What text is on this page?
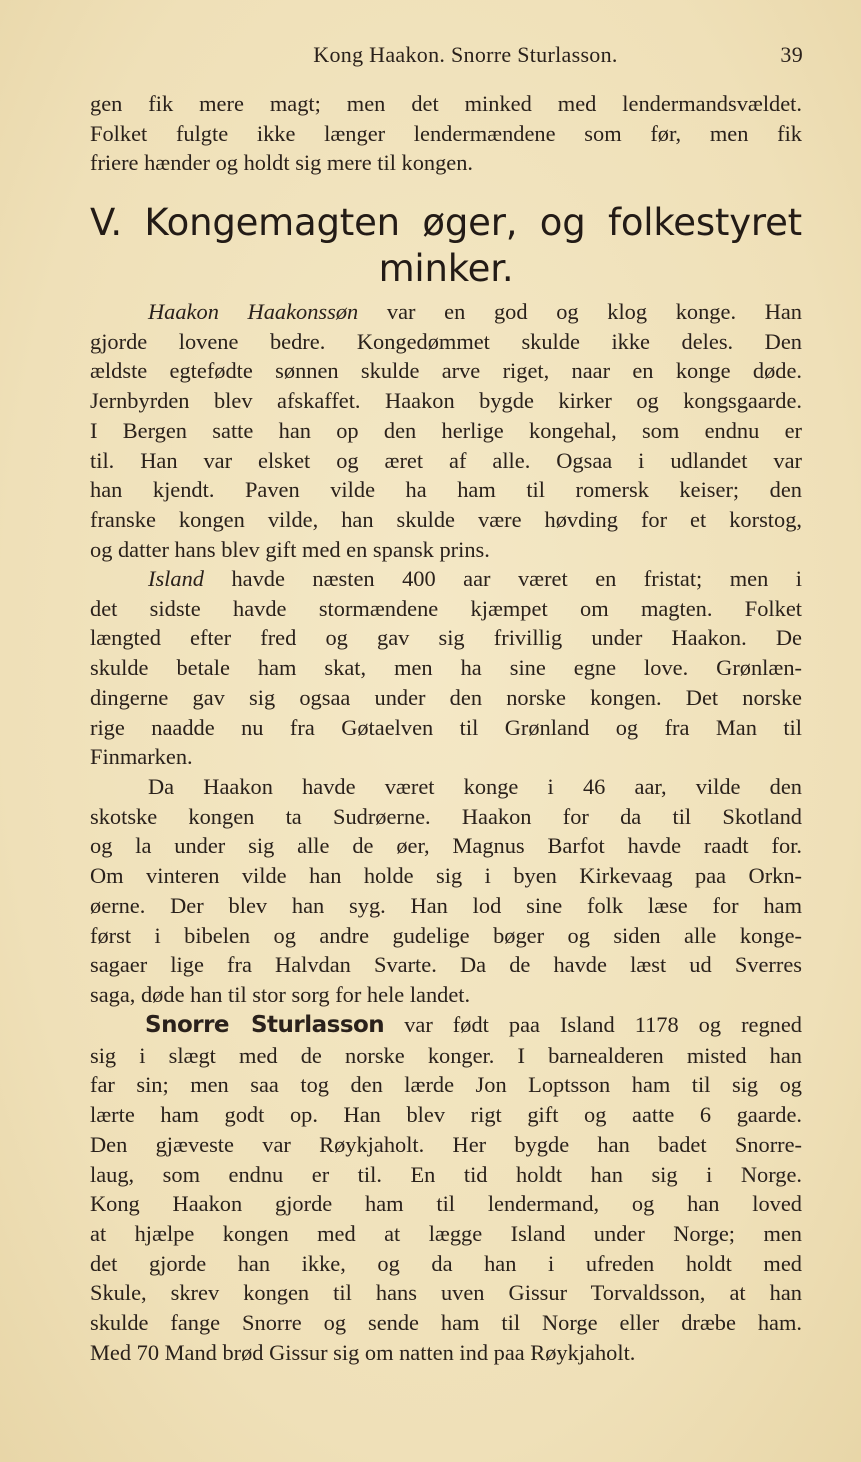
Kong Haakon. Snorre Sturlasson.	39
gen fik mere magt; men det minked med lendermandsvældet.
Folket fulgte ikke længer lendermændene som før, men fik
friere hænder og holdt sig mere til kongen.
V. Kongemagten øger, og folkestyret
minker.
Haakon Haakonssøn var en god og klog konge. Han
gjorde lovene bedre. Kongedømmet skulde ikke deles. Den
ældste egtefødte sønnen skulde arve riget, naar en konge døde.
Jernbyrden blev afskaffet. Haakon bygde kirker og kongsgaarde.
I Bergen satte han op den herlige kongehal, som endnu er
til. Han var elsket og æret af alle. Ogsaa i udlandet var
han kjendt. Paven vilde ha ham til romersk keiser; den
franske kongen vilde, han skulde være høvding for et korstog,
og datter hans blev gift med en spansk prins.
Island havde næsten 400 aar været en fristat; men i
det sidste havde stormændene kjæmpet om magten. Folket
længted efter fred og gav sig frivillig under Haakon. De
skulde betale ham skat, men ha sine egne love. Grønlæn-
dingerne gav sig ogsaa under den norske kongen. Det norske
rige naadde nu fra Gøtaelven til Grønland og fra Man til
Finmarken.
Da Haakon havde været konge i 46 aar, vilde den
skotske kongen ta Sudrøerne. Haakon for da til Skotland
og la under sig alle de øer, Magnus Barfot havde raadt for.
Om vinteren vilde han holde sig i byen Kirkevaag paa Orkn-
øerne. Der blev han syg. Han lod sine folk læse for ham
først i bibelen og andre gudelige bøger og siden alle konge-
sagaer lige fra Halvdan Svarte. Da de havde læst ud Sverres
saga, døde han til stor sorg for hele landet.
Snorre Sturlasson var født paa Island 1178 og regned
sig i slægt med de norske konger. I barnealderen misted han
far sin; men saa tog den lærde Jon Loptsson ham til sig og
lærte ham godt op. Han blev rigt gift og aatte 6 gaarde.
Den gjæveste var Røykjaholt. Her bygde han badet Snorre-
laug, som endnu er til. En tid holdt han sig i Norge.
Kong Haakon gjorde ham til lendermand, og han loved
at hjælpe kongen med at lægge Island under Norge; men
det gjorde han ikke, og da han i ufreden holdt med
Skule, skrev kongen til hans uven Gissur Torvaldsson, at han
skulde fange Snorre og sende ham til Norge eller dræbe ham.
Med 70 Mand brød Gissur sig om natten ind paa Røykjaholt.
